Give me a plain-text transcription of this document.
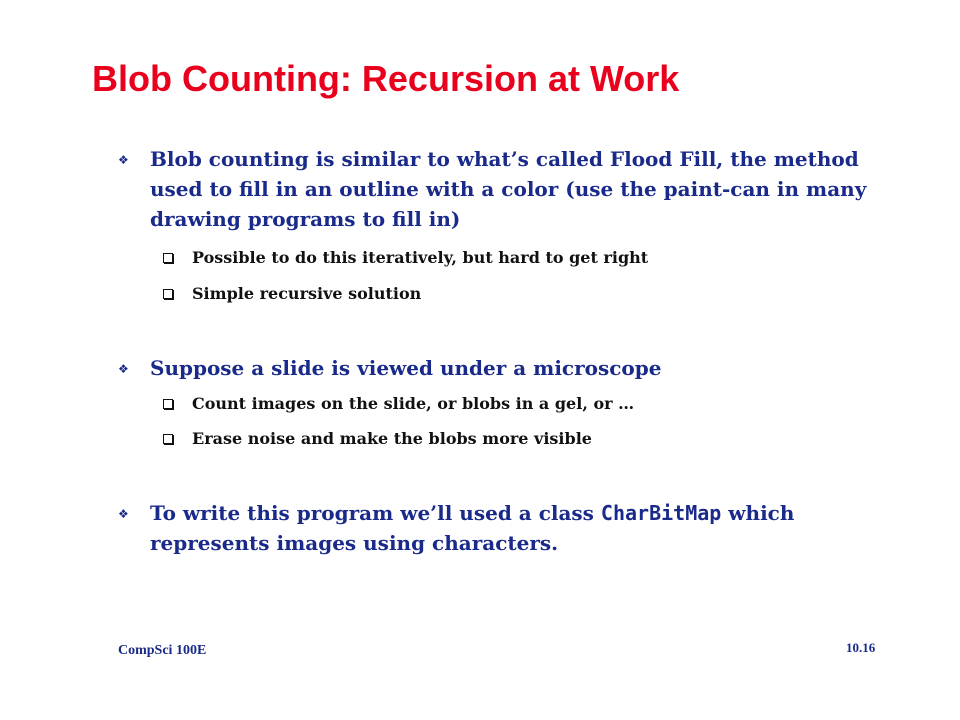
Blob Counting: Recursion at Work
❖ Blob counting is similar to what’s called Flood Fill, the method used to fill in an outline with a color (use the paint-can in many drawing programs to fill in)
Possible to do this iteratively, but hard to get right
Simple recursive solution
❖ Suppose a slide is viewed under a microscope
Count images on the slide, or blobs in a gel, or …
Erase noise and make the blobs more visible
❖ To write this program we’ll used a class CharBitMap which represents images using characters.
CompSci 100E	10.16
